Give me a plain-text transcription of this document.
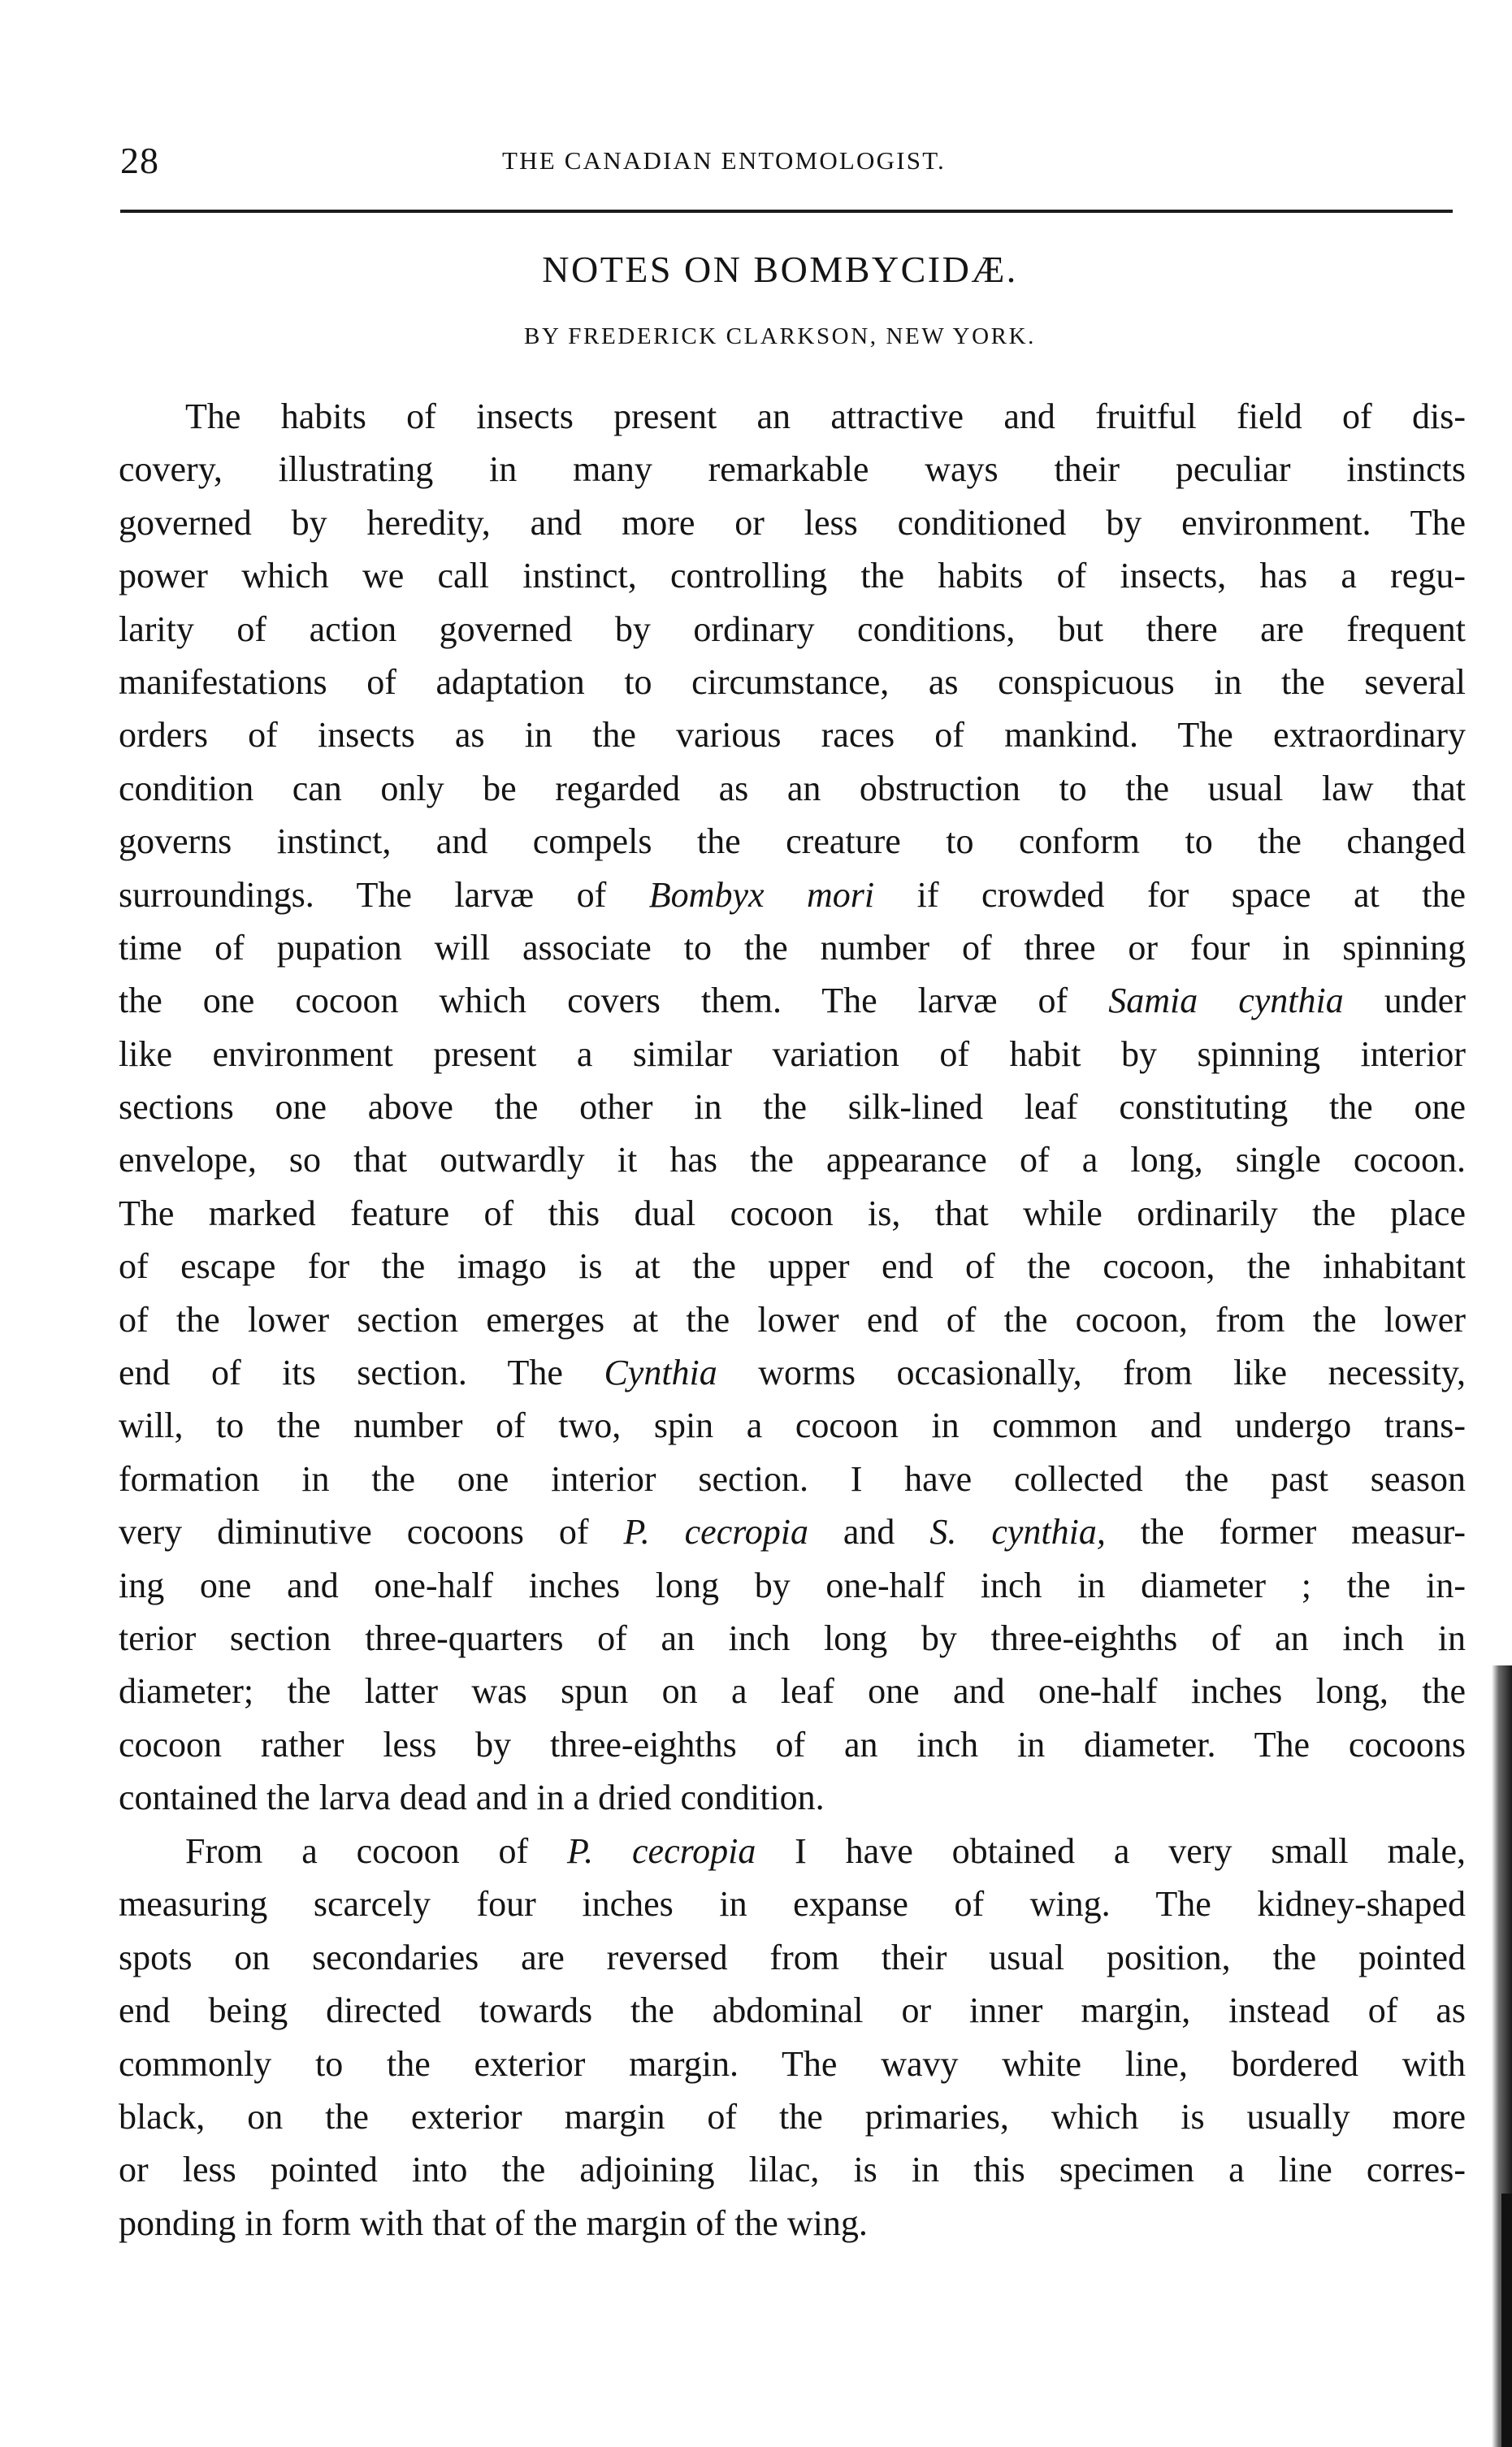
28	THE CANADIAN ENTOMOLOGIST.
NOTES ON BOMBYCIDÆ.
BY FREDERICK CLARKSON, NEW YORK.
The habits of insects present an attractive and fruitful field of dis-
covery, illustrating in many remarkable ways their peculiar instincts
governed by heredity, and more or less conditioned by environment. The
power which we call instinct, controlling the habits of insects, has a regu-
larity of action governed by ordinary conditions, but there are frequent
manifestations of adaptation to circumstance, as conspicuous in the several
orders of insects as in the various races of mankind. The extraordinary
condition can only be regarded as an obstruction to the usual law that
governs instinct, and compels the creature to conform to the changed
surroundings. The larvæ of Bombyx mori if crowded for space at the
time of pupation will associate to the number of three or four in spinning
the one cocoon which covers them. The larvæ of Samia cynthia under
like environment present a similar variation of habit by spinning interior
sections one above the other in the silk-lined leaf constituting the one
envelope, so that outwardly it has the appearance of a long, single cocoon.
The marked feature of this dual cocoon is, that while ordinarily the place
of escape for the imago is at the upper end of the cocoon, the inhabitant
of the lower section emerges at the lower end of the cocoon, from the lower
end of its section. The Cynthia worms occasionally, from like necessity,
will, to the number of two, spin a cocoon in common and undergo trans-
formation in the one interior section. I have collected the past season
very diminutive cocoons of P. cecropia and S. cynthia, the former measur-
ing one and one-half inches long by one-half inch in diameter ; the in-
terior section three-quarters of an inch long by three-eighths of an inch in
diameter; the latter was spun on a leaf one and one-half inches long, the
cocoon rather less by three-eighths of an inch in diameter. The cocoons
contained the larva dead and in a dried condition.
From a cocoon of P. cecropia I have obtained a very small male,
measuring scarcely four inches in expanse of wing. The kidney-shaped
spots on secondaries are reversed from their usual position, the pointed
end being directed towards the abdominal or inner margin, instead of as
commonly to the exterior margin. The wavy white line, bordered with
black, on the exterior margin of the primaries, which is usually more
or less pointed into the adjoining lilac, is in this specimen a line corres-
ponding in form with that of the margin of the wing.
